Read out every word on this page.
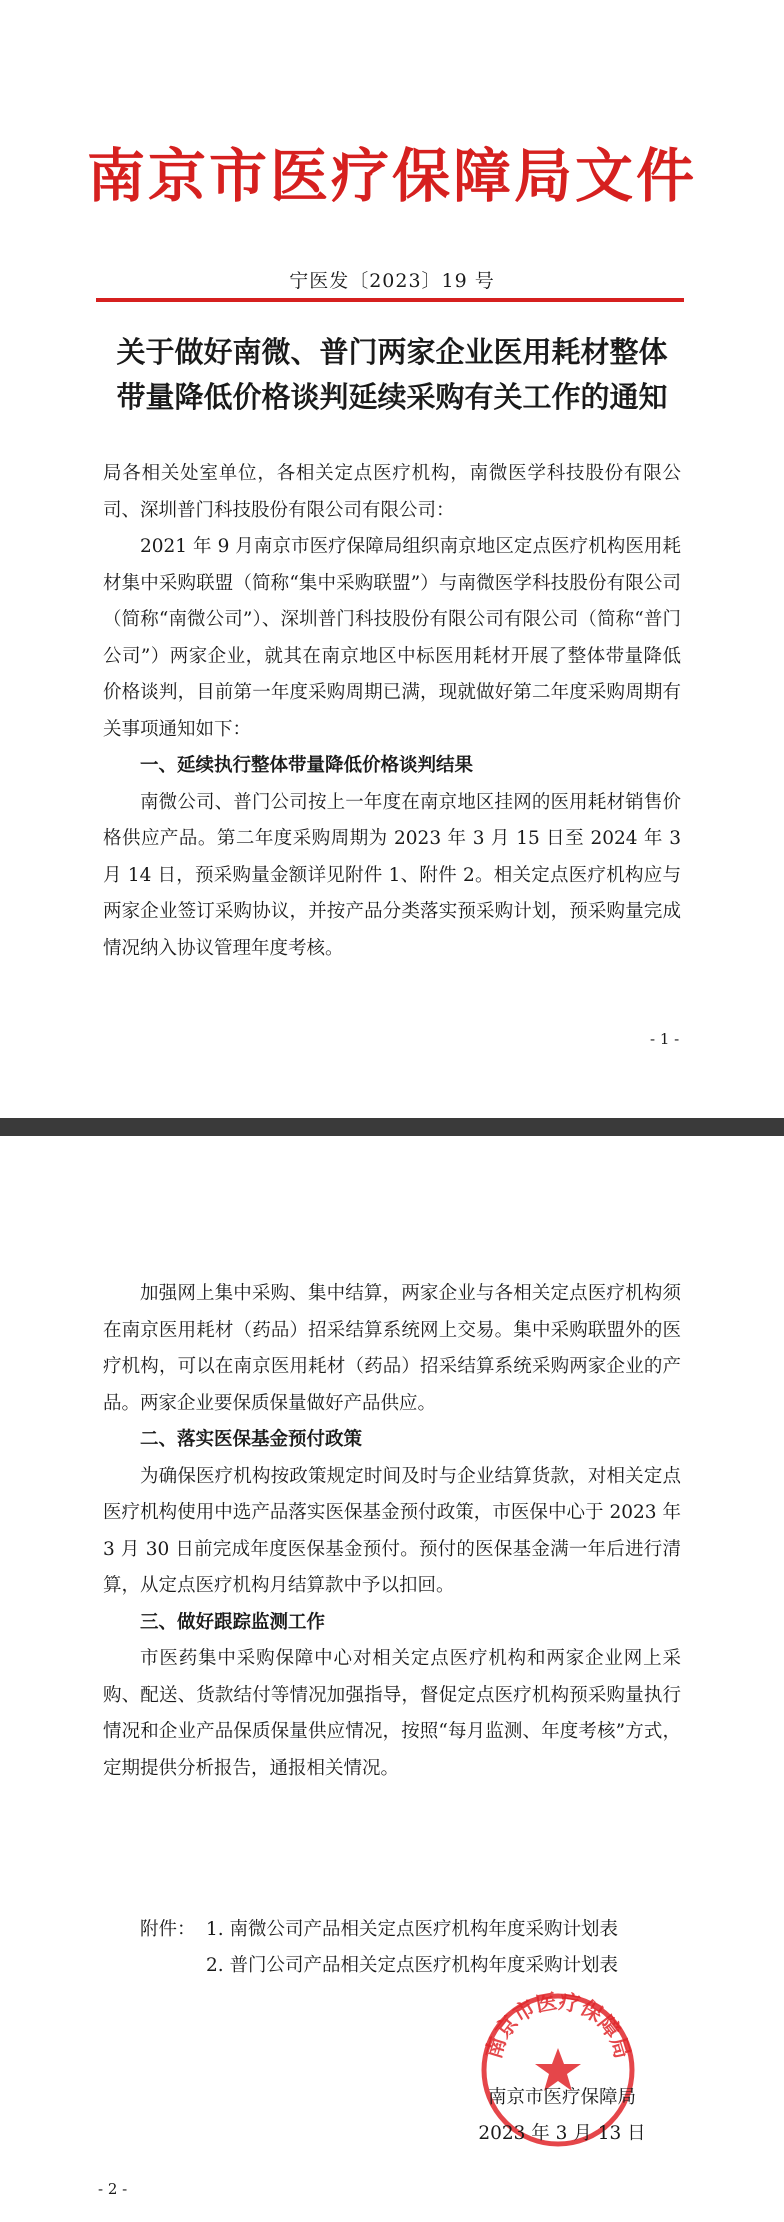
南京市医疗保障局文件
宁医发〔2023〕19 号
关于做好南微、普门两家企业医用耗材整体
带量降低价格谈判延续采购有关工作的通知

局各相关处室单位，各相关定点医疗机构，南微医学科技股份有限公司、深圳普门科技股份有限公司有限公司：

2021 年 9 月南京市医疗保障局组织南京地区定点医疗机构医用耗材集中采购联盟（简称“集中采购联盟”）与南微医学科技股份有限公司（简称“南微公司”）、深圳普门科技股份有限公司有限公司（简称“普门公司”）两家企业，就其在南京地区中标医用耗材开展了整体带量降低价格谈判，目前第一年度采购周期已满，现就做好第二年度采购周期有关事项通知如下：

一、延续执行整体带量降低价格谈判结果

南微公司、普门公司按上一年度在南京地区挂网的医用耗材销售价格供应产品。第二年度采购周期为 2023 年 3 月 15 日至 2024 年 3 月 14 日，预采购量金额详见附件 1、附件 2。相关定点医疗机构应与两家企业签订采购协议，并按产品分类落实预采购计划，预采购量完成情况纳入协议管理年度考核。

- 1 -

加强网上集中采购、集中结算，两家企业与各相关定点医疗机构须在南京医用耗材（药品）招采结算系统网上交易。集中采购联盟外的医疗机构，可以在南京医用耗材（药品）招采结算系统采购两家企业的产品。两家企业要保质保量做好产品供应。

二、落实医保基金预付政策

为确保医疗机构按政策规定时间及时与企业结算货款，对相关定点医疗机构使用中选产品落实医保基金预付政策，市医保中心于 2023 年 3 月 30 日前完成年度医保基金预付。预付的医保基金满一年后进行清算，从定点医疗机构月结算款中予以扣回。

三、做好跟踪监测工作

市医药集中采购保障中心对相关定点医疗机构和两家企业网上采购、配送、货款结付等情况加强指导，督促定点医疗机构预采购量执行情况和企业产品保质保量供应情况，按照“每月监测、年度考核”方式，定期提供分析报告，通报相关情况。

附件： 1. 南微公司产品相关定点医疗机构年度采购计划表
2. 普门公司产品相关定点医疗机构年度采购计划表
南京市医疗保障局
南京市医疗保障局
2023 年 3 月 13 日
- 2 -
